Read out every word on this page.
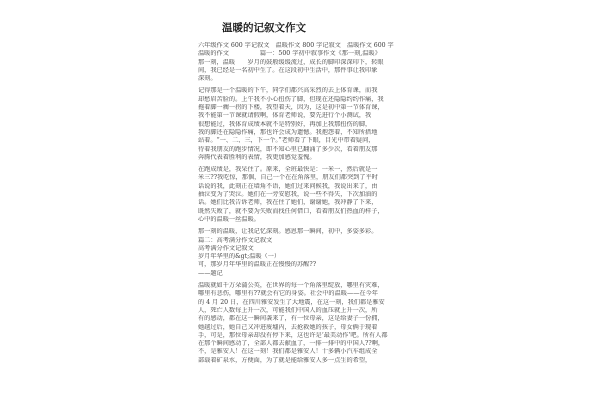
温暖的记叙文作文
六年级作文 600 字记叙文　温暖作文 800 字记叙文　温暖作文 600 字
温暖的作文　　　　　篇一：500 字初中叙事作文《那一刻,温暖》
那一刻，温暖　　岁月的鼓般缓缓流过，成长的脚印深深印下，转眼
间，我已经是一名初中生了。在这段初中生活中，那件事让我印象
深刻。
记得那是一个温暖的下午，同学们都兴高采烈的去上体育课，而我
却愁眉苦脸的。上午我不小心扭伤了脚，但现在还隐隐约约作痛，我
拖着脚一瘸一拐的下楼，我望着天，因为，这是初中第一节体育课，
我不能第一节课就请假啊，体育老师说，要先进行个小测试，我
很想能过，我体育成绩本就不是特别好，再加上我那扭伤的脚，
我的脚还在隐隐作痛，那也许会成为遗憾。我抱怨着，不知所措地
站着。“一、二、三，下一个。”老师看了下眼，目光中带着疑问，
待着我朋友的跑步情况，即不知心里已翻涌了多少次，看着朋友那
奔腾代表着胜利的表情，我更加感觉羞愧。
在跑成绩是，我呆住了。原来，全班最快是：一米一，然后就是一
米三??我吃惊，那個，自己一个在在角落里，朋友们都突到了平时
话说的我，此刻正在墙角不语，她们过来问候我，我说出来了，由
抽泣变为了哭泣。她们在一旁安慰我，说一些不得失，下次加油的
话。她们比我告诉老师，我在住了她们，谢谢她，我冲静了下来，
既然失败了，就不要为失败而找任何借口，看着朋友们热血的样子，
心中的温暖一丝温暖。
那一刻的温暖，让我记忆深刻。感恩那一瞬间，初中，多姿多彩。
篇二：高考满分作文记叙文
高考满分作文记叙文
岁月年华里的&gt;温暖（一）
可，那岁月年华里的温暖正在慢慢的苏醒??
——题记
温暖就如千万朵蒲公英，在世界的每一个角落里绽放，哪里有灾难，
哪里有悲伤，哪里有??就会有它的身姿。社会中的温暖——在今年
的 4 月 20 日，在四川雅安发生了大地震，在这一刻，我们都是雅安
人，死亡人数每上升一次，可能我们中国人的血压就上升一次，所
有的感动，都在这一瞬间袭来了，有一位母亲，这是给妻子一份拥，
她越过后，她自己又冲进废墟内，去抢救她的孩子，母女俩于现着
手，可是，那位母亲却没有停下来，这也许是‘最美动作’吧。所有人都
在那个瞬间感动了，全部人都去献血了，一排一排中的中国人??啊，
不，是雅安人！在这一刻！我们都是雅安人！十多辆小汽车组成全
部载着矿泉水，方便面，为了就是能给雅安人多一点生的希望，
